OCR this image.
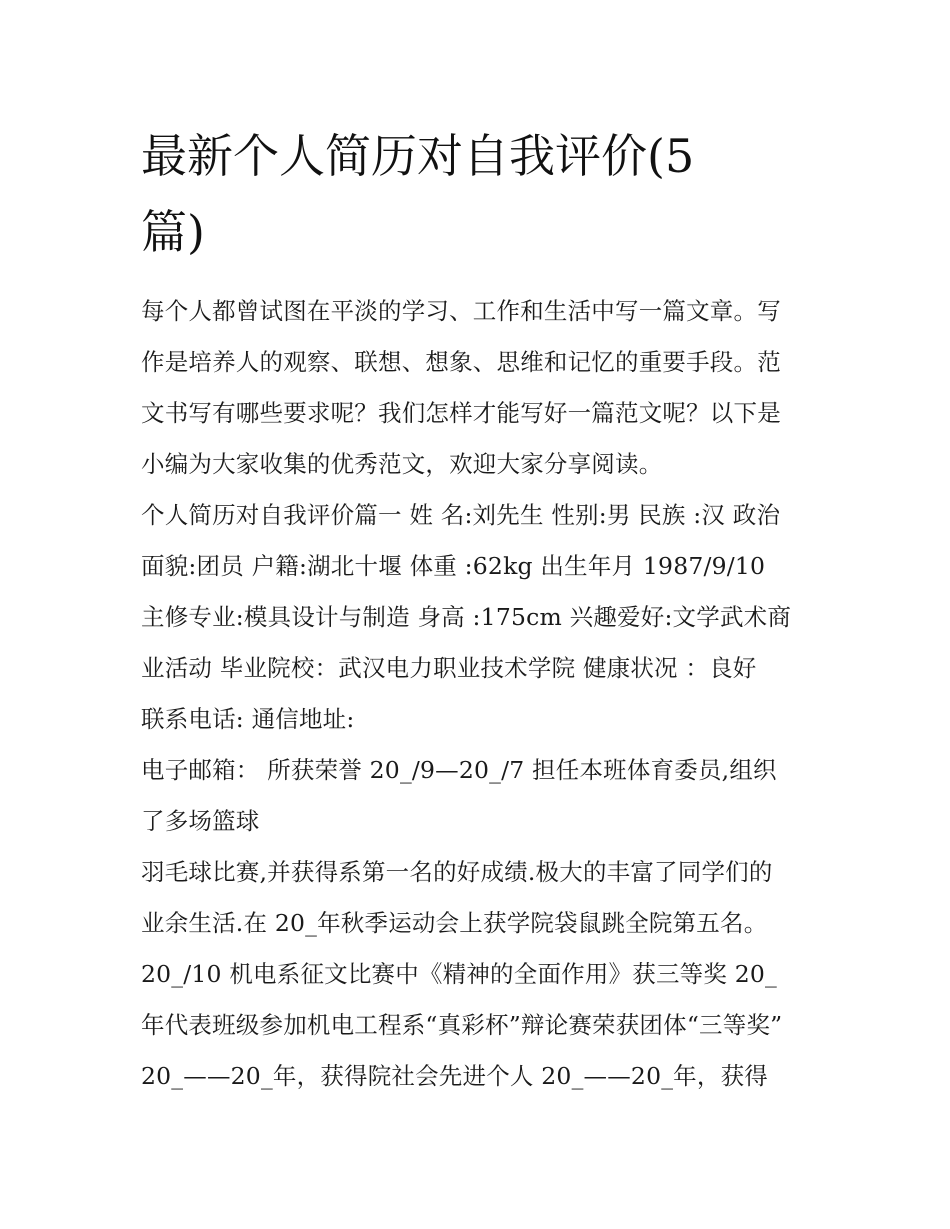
最新个人简历对自我评价(5篇)

每个人都曾试图在平淡的学习、工作和生活中写一篇文章。写
作是培养人的观察、联想、想象、思维和记忆的重要手段。范
文书写有哪些要求呢？我们怎样才能写好一篇范文呢？以下是
小编为大家收集的优秀范文，欢迎大家分享阅读。
个人简历对自我评价篇一 姓 名:刘先生 性别:男 民族 :汉 政治
面貌:团员 户籍:湖北十堰 体重 :62kg 出生年月 1987/9/10
主修专业:模具设计与制造 身高 :175cm 兴趣爱好:文学武术商
业活动 毕业院校：武汉电力职业技术学院 健康状况 ：良好
联系电话: 通信地址:
电子邮箱： 所获荣誉 20_/9—20_/7 担任本班体育委员,组织
了多场篮球
羽毛球比赛,并获得系第一名的好成绩.极大的丰富了同学们的
业余生活.在 20_年秋季运动会上获学院袋鼠跳全院第五名。
20_/10 机电系征文比赛中《精神的全面作用》获三等奖 20_
年代表班级参加机电工程系“真彩杯”辩论赛荣获团体“三等奖”
20_——20_年，获得院社会先进个人 20_——20_年，获得
